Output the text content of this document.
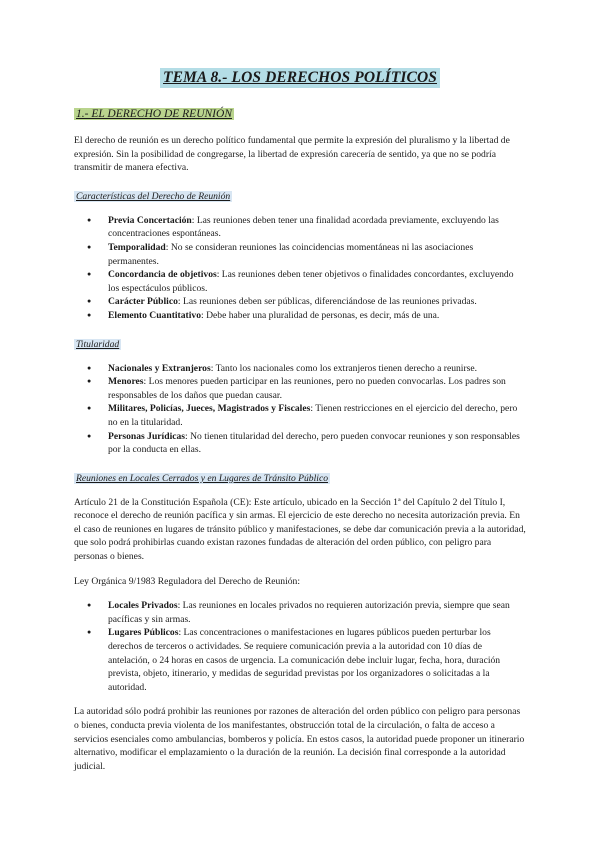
TEMA 8.- LOS DERECHOS POLÍTICOS
1.- EL DERECHO DE REUNIÓN

El derecho de reunión es un derecho político fundamental que permite la expresión del pluralismo y la libertad de expresión. Sin la posibilidad de congregarse, la libertad de expresión carecería de sentido, ya que no se podría transmitir de manera efectiva.

Características del Derecho de Reunión
● Previa Concertación: Las reuniones deben tener una finalidad acordada previamente, excluyendo las concentraciones espontáneas.
● Temporalidad: No se consideran reuniones las coincidencias momentáneas ni las asociaciones permanentes.
● Concordancia de objetivos: Las reuniones deben tener objetivos o finalidades concordantes, excluyendo los espectáculos públicos.
● Carácter Público: Las reuniones deben ser públicas, diferenciándose de las reuniones privadas.
● Elemento Cuantitativo: Debe haber una pluralidad de personas, es decir, más de una.
Titularidad
● Nacionales y Extranjeros: Tanto los nacionales como los extranjeros tienen derecho a reunirse.
● Menores: Los menores pueden participar en las reuniones, pero no pueden convocarlas. Los padres son responsables de los daños que puedan causar.
● Militares, Policías, Jueces, Magistrados y Fiscales: Tienen restricciones en el ejercicio del derecho, pero no en la titularidad.
● Personas Jurídicas: No tienen titularidad del derecho, pero pueden convocar reuniones y son responsables por la conducta en ellas.
Reuniones en Locales Cerrados y en Lugares de Tránsito Público

Artículo 21 de la Constitución Española (CE): Este artículo, ubicado en la Sección 1ª del Capítulo 2 del Título I, reconoce el derecho de reunión pacífica y sin armas. El ejercicio de este derecho no necesita autorización previa. En el caso de reuniones en lugares de tránsito público y manifestaciones, se debe dar comunicación previa a la autoridad, que solo podrá prohibirlas cuando existan razones fundadas de alteración del orden público, con peligro para personas o bienes.

Ley Orgánica 9/1983 Reguladora del Derecho de Reunión:

● Locales Privados: Las reuniones en locales privados no requieren autorización previa, siempre que sean pacíficas y sin armas.
● Lugares Públicos: Las concentraciones o manifestaciones en lugares públicos pueden perturbar los derechos de terceros o actividades. Se requiere comunicación previa a la autoridad con 10 días de antelación, o 24 horas en casos de urgencia. La comunicación debe incluir lugar, fecha, hora, duración prevista, objeto, itinerario, y medidas de seguridad previstas por los organizadores o solicitadas a la autoridad.

La autoridad sólo podrá prohibir las reuniones por razones de alteración del orden público con peligro para personas o bienes, conducta previa violenta de los manifestantes, obstrucción total de la circulación, o falta de acceso a servicios esenciales como ambulancias, bomberos y policía. En estos casos, la autoridad puede proponer un itinerario alternativo, modificar el emplazamiento o la duración de la reunión. La decisión final corresponde a la autoridad judicial.
